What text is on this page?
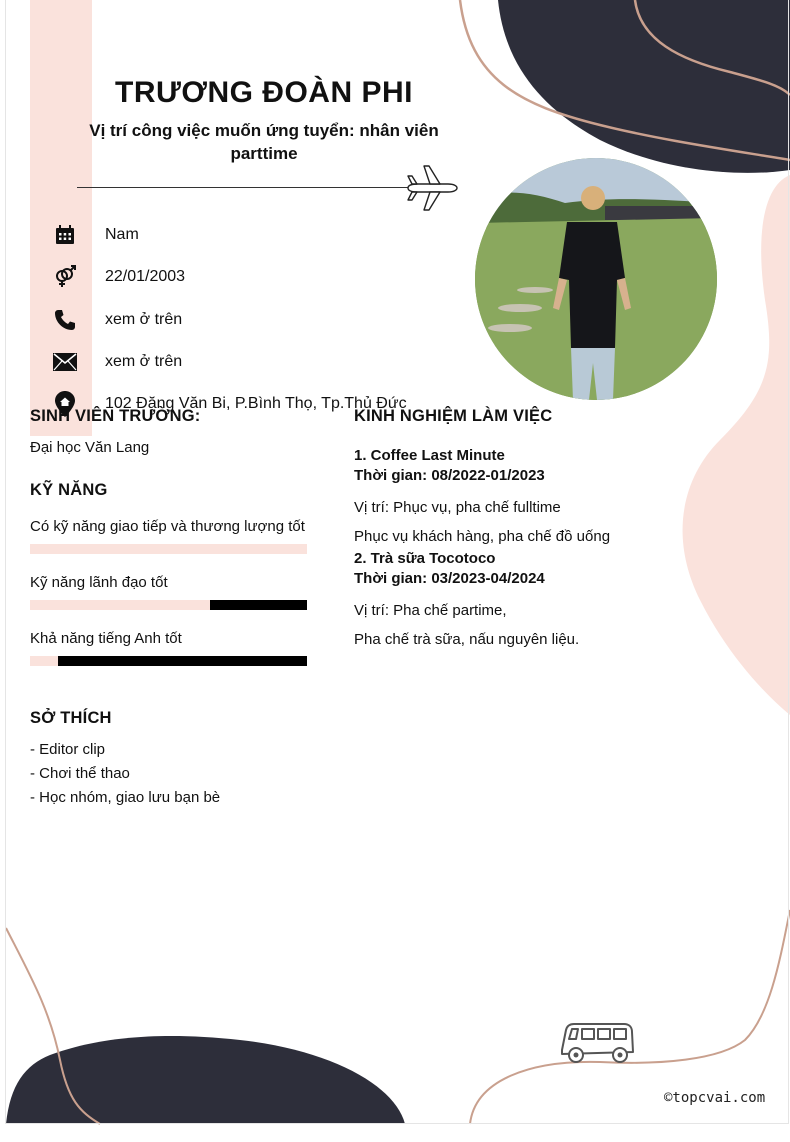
TRƯƠNG ĐOÀN PHI
Vị trí công việc muốn ứng tuyển: nhân viên parttime
Nam
22/01/2003
xem ở trên
xem ở trên
102 Đặng Văn Bi, P.Bình Thọ, Tp.Thủ Đức
SINH VIÊN TRƯỜNG:
Đại học Văn Lang
KỸ NĂNG
Có kỹ năng giao tiếp và thương lượng tốt
Kỹ năng lãnh đạo tốt
Khả năng tiếng Anh tốt
SỞ THÍCH
- Editor clip
- Chơi thể thao
- Học nhóm, giao lưu bạn bè
KINH NGHIỆM LÀM VIỆC
1. Coffee Last Minute
Thời gian: 08/2022-01/2023
Vị trí: Phục vụ, pha chế fulltime
Phục vụ khách hàng, pha chế đồ uống
2. Trà sữa Tocotoco
Thời gian: 03/2023-04/2024
Vị trí: Pha chế partime,
Pha chế trà sữa, nấu nguyên liệu.
©topcvai.com
